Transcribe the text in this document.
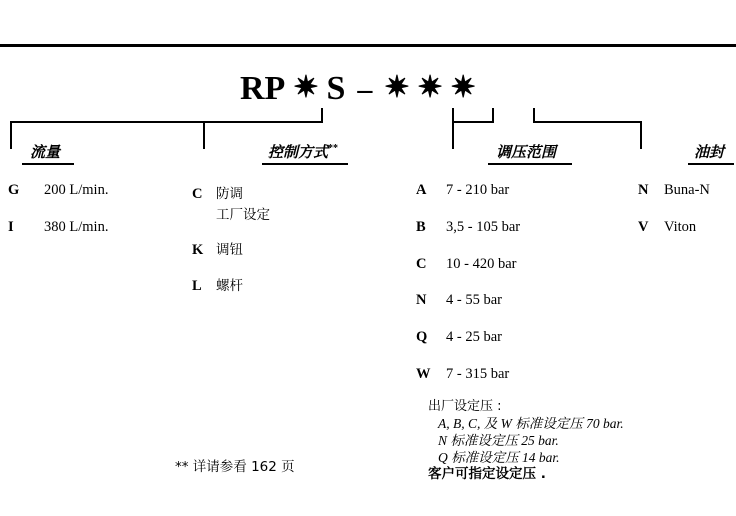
RP ✷ S – ✷ ✷ ✷
流量	控制方式**	调压范围	油封
G 200 L/min.
I 380 L/min.
C 防调
工厂设定
K 调钮
L 螺杆
A 7 - 210 bar
B 3,5 - 105 bar
C 10 - 420 bar
N 4 - 55 bar
Q 4 - 25 bar
W 7 - 315 bar
N Buna-N
V Viton
出厂设定压 :
A, B, C, 及 W 标准设定压 70 bar.
N 标准设定压 25 bar.
Q 标准设定压 14 bar.
客户可指定设定压 .
** 详请参看 162 页
